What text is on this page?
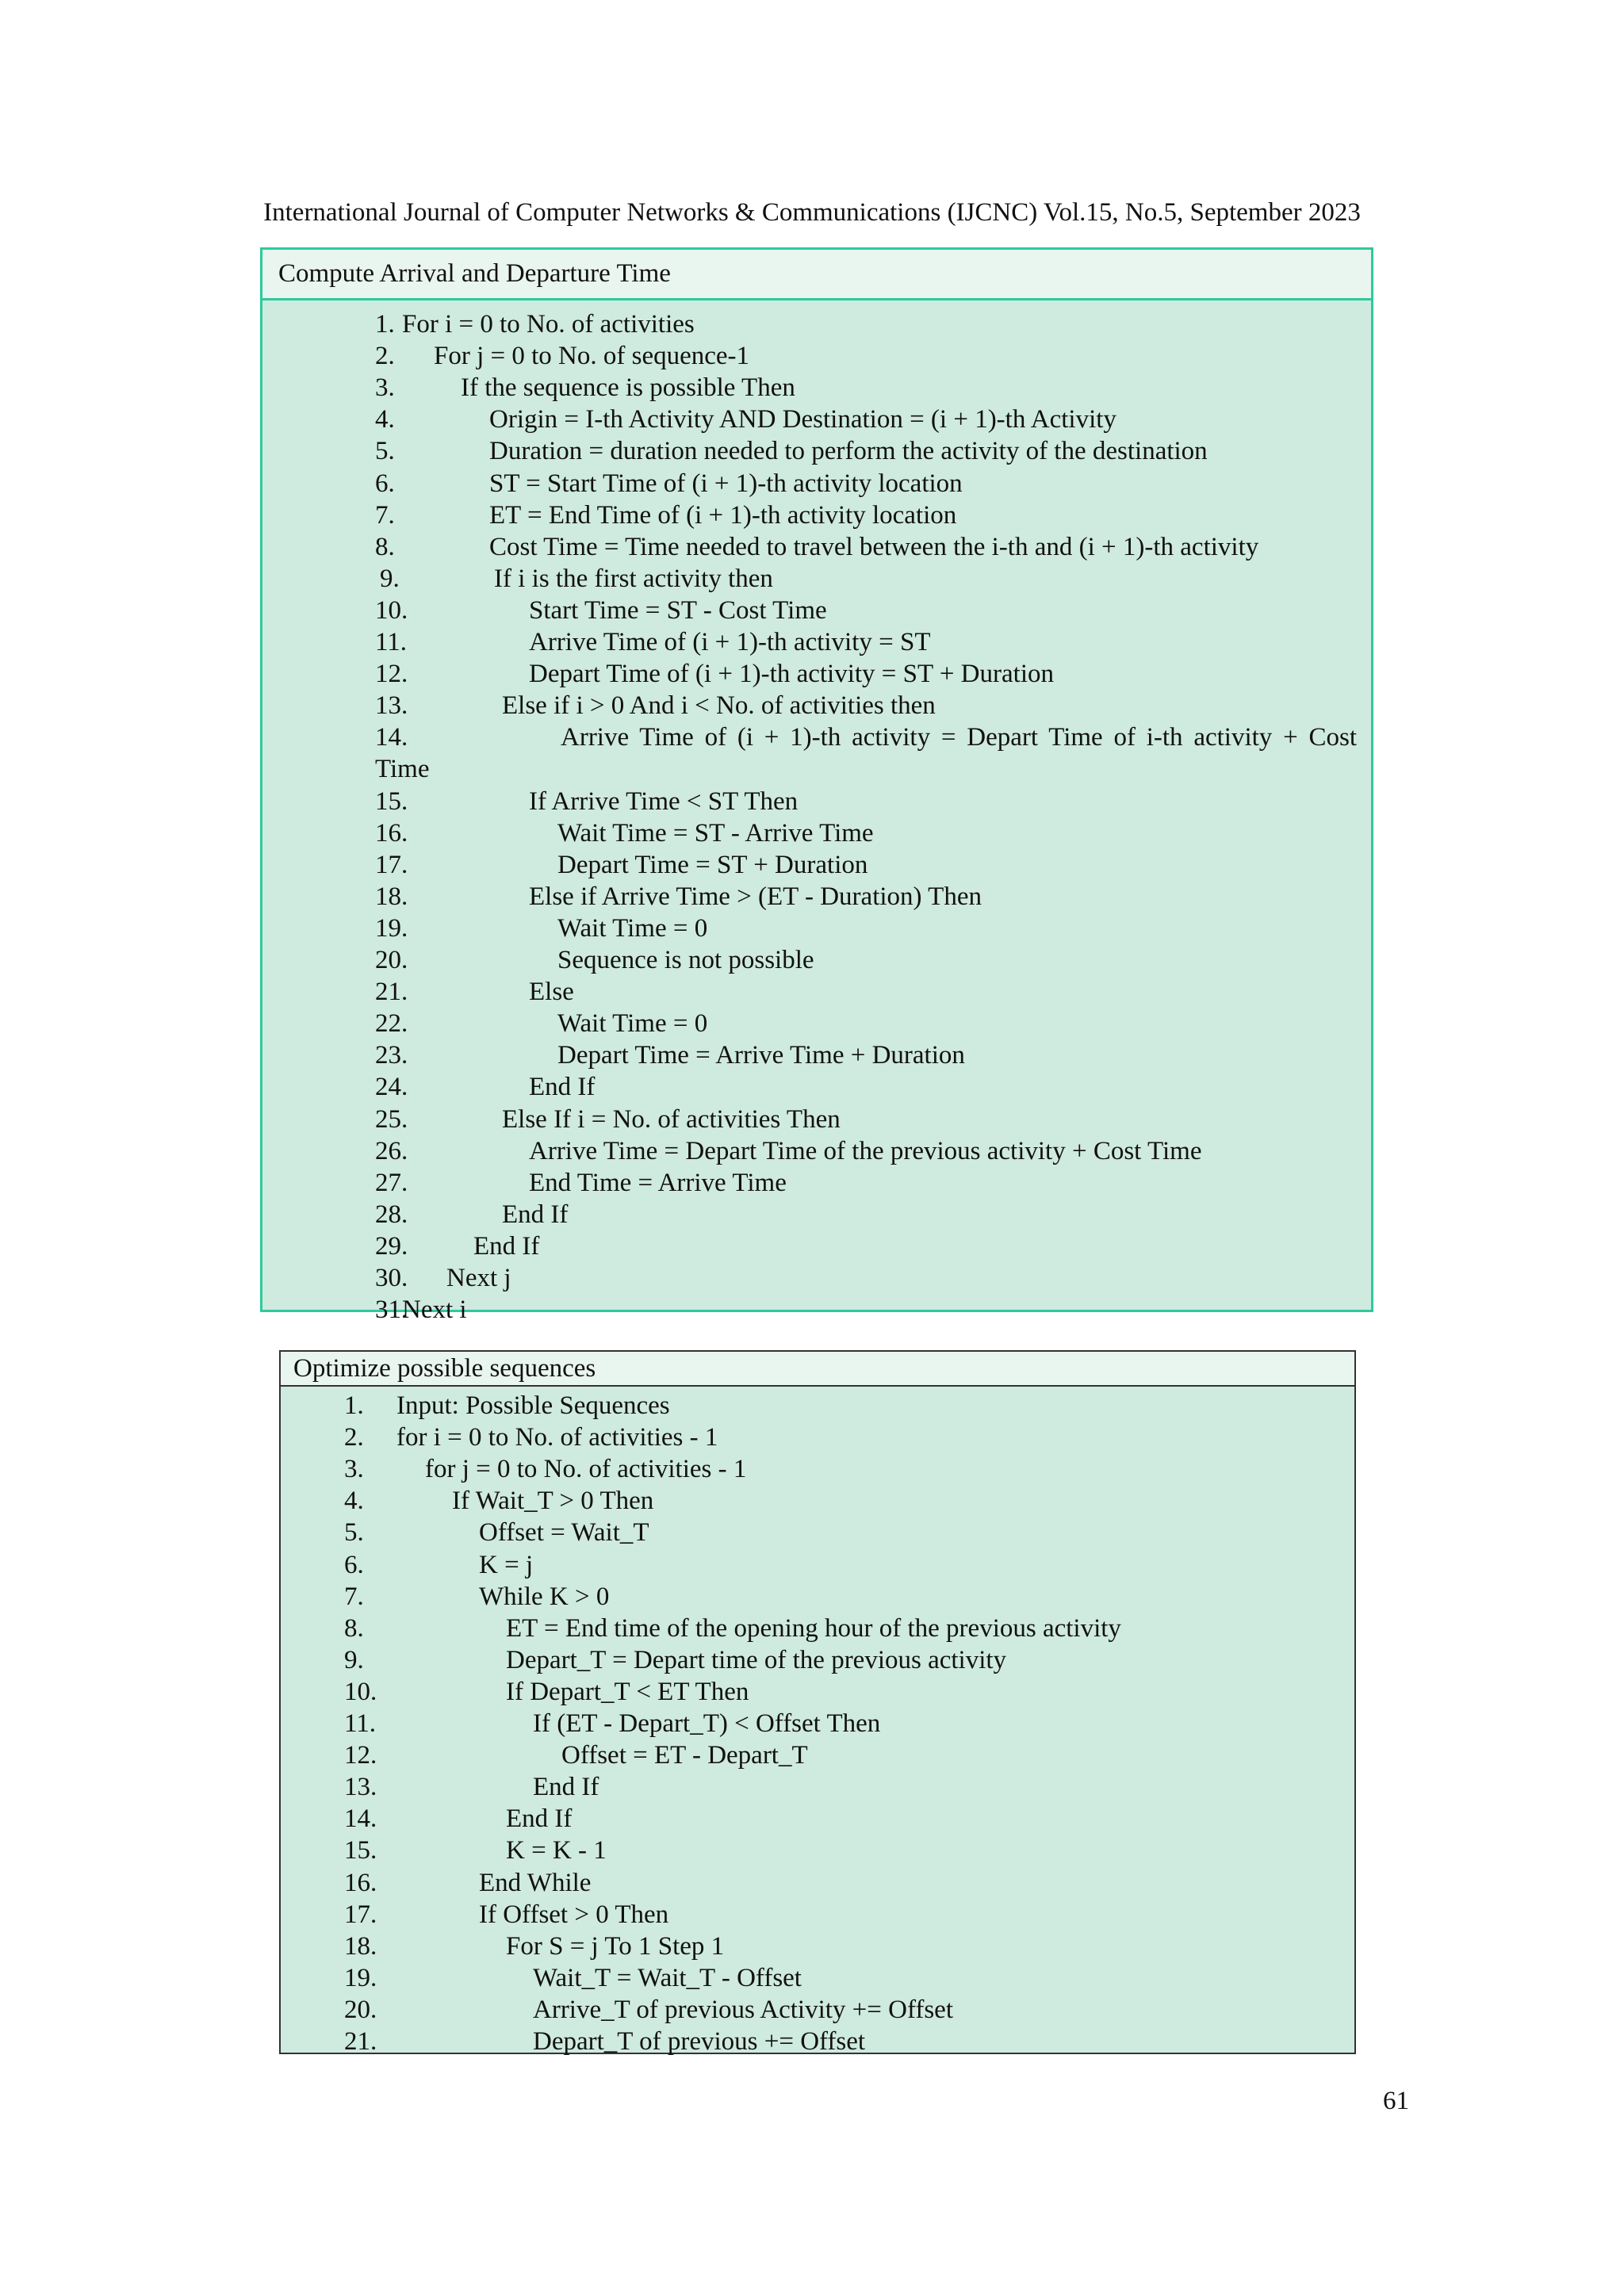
International Journal of Computer Networks & Communications (IJCNC) Vol.15, No.5, September 2023
Compute Arrival and Departure Time
1. For i = 0 to No. of activities
2. For j = 0 to No. of sequence-1
3.	If the sequence is possible Then
4.	Origin = I-th Activity AND Destination = (i + 1)-th Activity
5.	Duration = duration needed to perform the activity of the destination
6.	ST = Start Time of (i + 1)-th activity location
7.	ET = End Time of (i + 1)-th activity location
8.	Cost Time = Time needed to travel between the i-th and (i + 1)-th activity
9.	If i is the first activity then
10.	Start Time = ST - Cost Time
11.	Arrive Time of (i + 1)-th activity = ST
12.	Depart Time of (i + 1)-th activity = ST + Duration
13.	Else if i > 0 And i < No. of activities then
14.	Arrive Time of (i + 1)-th activity = Depart Time of i-th activity + Cost
Time
15.	If Arrive Time < ST Then
16.	Wait Time = ST - Arrive Time
17.	Depart Time = ST + Duration
18.	Else if Arrive Time > (ET - Duration) Then
19.	Wait Time = 0
20.	Sequence is not possible
21.	Else
22.	Wait Time = 0
23.	Depart Time = Arrive Time + Duration
24.	End If
25.	Else If i = No. of activities Then
26.	Arrive Time = Depart Time of the previous activity + Cost Time
27.	End Time = Arrive Time
28.	End If
29.	End If
30. Next j
31.
Next i
Optimize possible sequences
1. Input: Possible Sequences
2. for i = 0 to No. of activities - 1
3. for j = 0 to No. of activities - 1
4.	If Wait_T > 0 Then
5.	Offset = Wait_T
6.	K = j
7.	While K > 0
8.	ET = End time of the opening hour of the previous activity
9.	Depart_T = Depart time of the previous activity
10.	If Depart_T < ET Then
11.	If (ET - Depart_T) < Offset Then
12.	Offset = ET - Depart_T
13.	End If
14.	End If
15.	K = K - 1
16.	End While
17.	If Offset > 0 Then
18.	For S = j To 1 Step 1
19.	Wait_T = Wait_T - Offset
20.	Arrive_T of previous Activity += Offset
21.	Depart_T of previous += Offset
61
